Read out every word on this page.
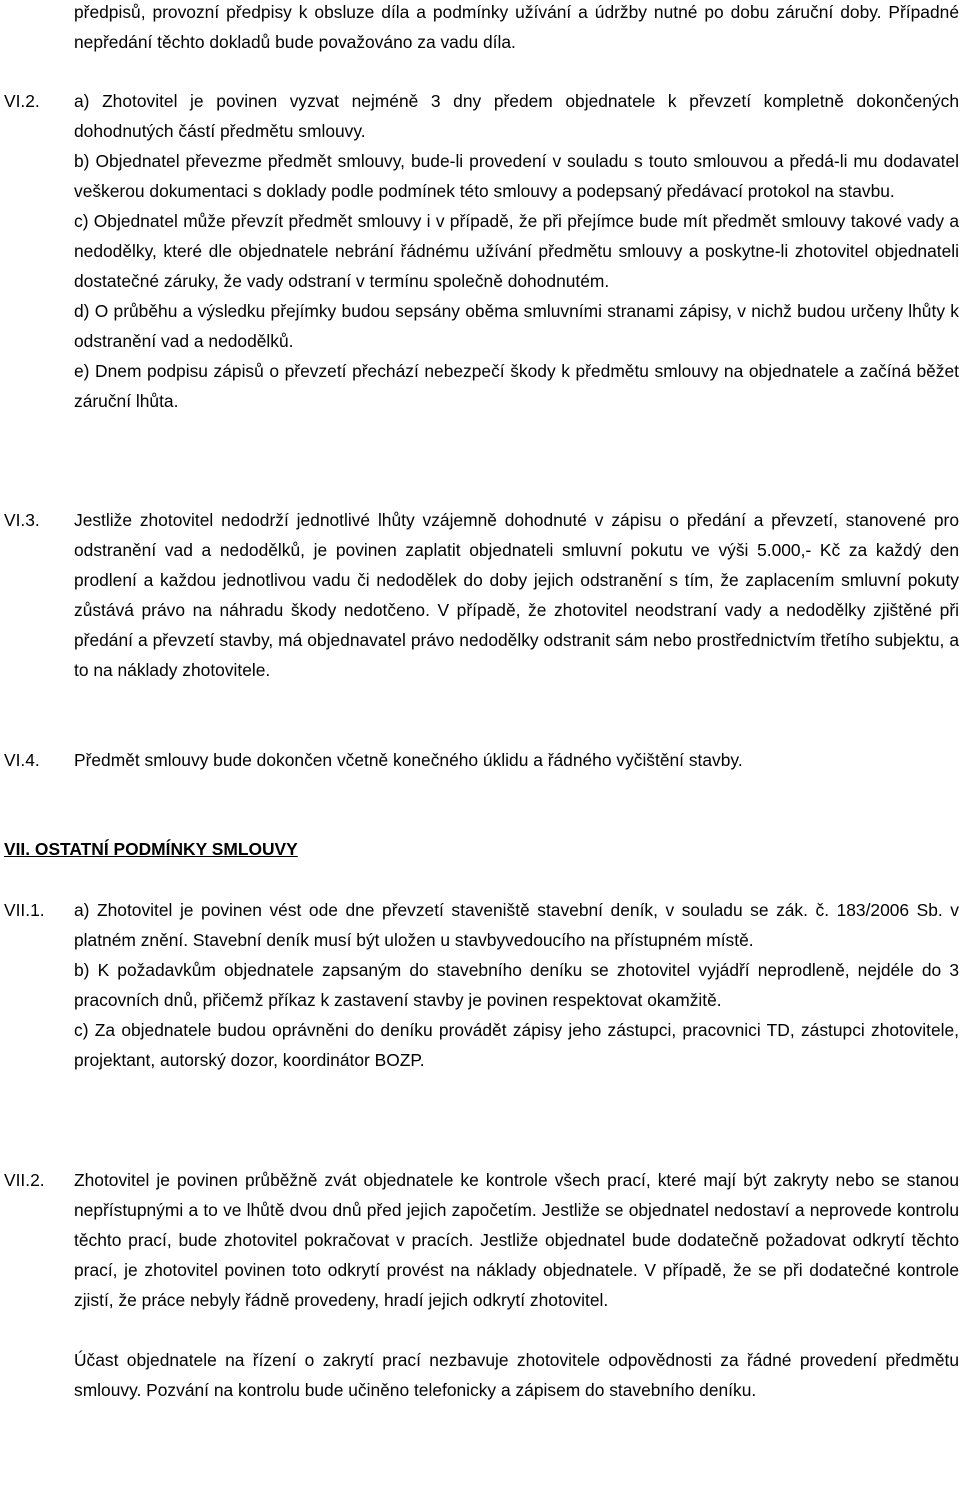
předpisů, provozní předpisy k obsluze díla a podmínky užívání a údržby nutné po dobu záruční doby. Případné nepředání těchto dokladů bude považováno za vadu díla.

VI.2. a) Zhotovitel je povinen vyzvat nejméně 3 dny předem objednatele k převzetí kompletně dokončených dohodnutých částí předmětu smlouvy.

b) Objednatel převezme předmět smlouvy, bude-li provedení v souladu s touto smlouvou a předá-li mu dodavatel veškerou dokumentaci s doklady podle podmínek této smlouvy a podepsaný předávací protokol na stavbu.

c) Objednatel může převzít předmět smlouvy i v případě, že při přejímce bude mít předmět smlouvy takové vady a nedodělky, které dle objednatele nebrání řádnému užívání předmětu smlouvy a poskytne-li zhotovitel objednateli dostatečné záruky, že vady odstraní v termínu společně dohodnutém.

d) O průběhu a výsledku přejímky budou sepsány oběma smluvními stranami zápisy, v nichž budou určeny lhůty k odstranění vad a nedodělků.

e) Dnem podpisu zápisů o převzetí přechází nebezpečí škody k předmětu smlouvy na objednatele a začíná běžet záruční lhůta.

VI.3. Jestliže zhotovitel nedodrží jednotlivé lhůty vzájemně dohodnuté v zápisu o předání a převzetí, stanovené pro odstranění vad a nedodělků, je povinen zaplatit objednateli smluvní pokutu ve výši 5.000,- Kč za každý den prodlení a každou jednotlivou vadu či nedodělek do doby jejich odstranění s tím, že zaplacením smluvní pokuty zůstává právo na náhradu škody nedotčeno. V případě, že zhotovitel neodstraní vady a nedodělky zjištěné při předání a převzetí stavby, má objednavatel právo nedodělky odstranit sám nebo prostřednictvím třetího subjektu, a to na náklady zhotovitele.

VI.4. Předmět smlouvy bude dokončen včetně konečného úklidu a řádného vyčištění stavby.

VII. OSTATNÍ PODMÍNKY SMLOUVY
VII.1. a) Zhotovitel je povinen vést ode dne převzetí staveniště stavební deník, v souladu se zák. č. 183/2006 Sb. v platném znění. Stavební deník musí být uložen u stavbyvedoucího na přístupném místě.

b) K požadavkům objednatele zapsaným do stavebního deníku se zhotovitel vyjádří neprodleně, nejdéle do 3 pracovních dnů, přičemž příkaz k zastavení stavby je povinen respektovat okamžitě.

c) Za objednatele budou oprávněni do deníku provádět zápisy jeho zástupci, pracovnici TD, zástupci zhotovitele, projektant, autorský dozor, koordinátor BOZP.

VII.2. Zhotovitel je povinen průběžně zvát objednatele ke kontrole všech prací, které mají být zakryty nebo se stanou nepřístupnými a to ve lhůtě dvou dnů před jejich započetím. Jestliže se objednatel nedostaví a neprovede kontrolu těchto prací, bude zhotovitel pokračovat v pracích. Jestliže objednatel bude dodatečně požadovat odkrytí těchto prací, je zhotovitel povinen toto odkrytí provést na náklady objednatele. V případě, že se při dodatečné kontrole zjistí, že práce nebyly řádně provedeny, hradí jejich odkrytí zhotovitel.

Účast objednatele na řízení o zakrytí prací nezbavuje zhotovitele odpovědnosti za řádné provedení předmětu smlouvy. Pozvání na kontrolu bude učiněno telefonicky a zápisem do stavebního deníku.
